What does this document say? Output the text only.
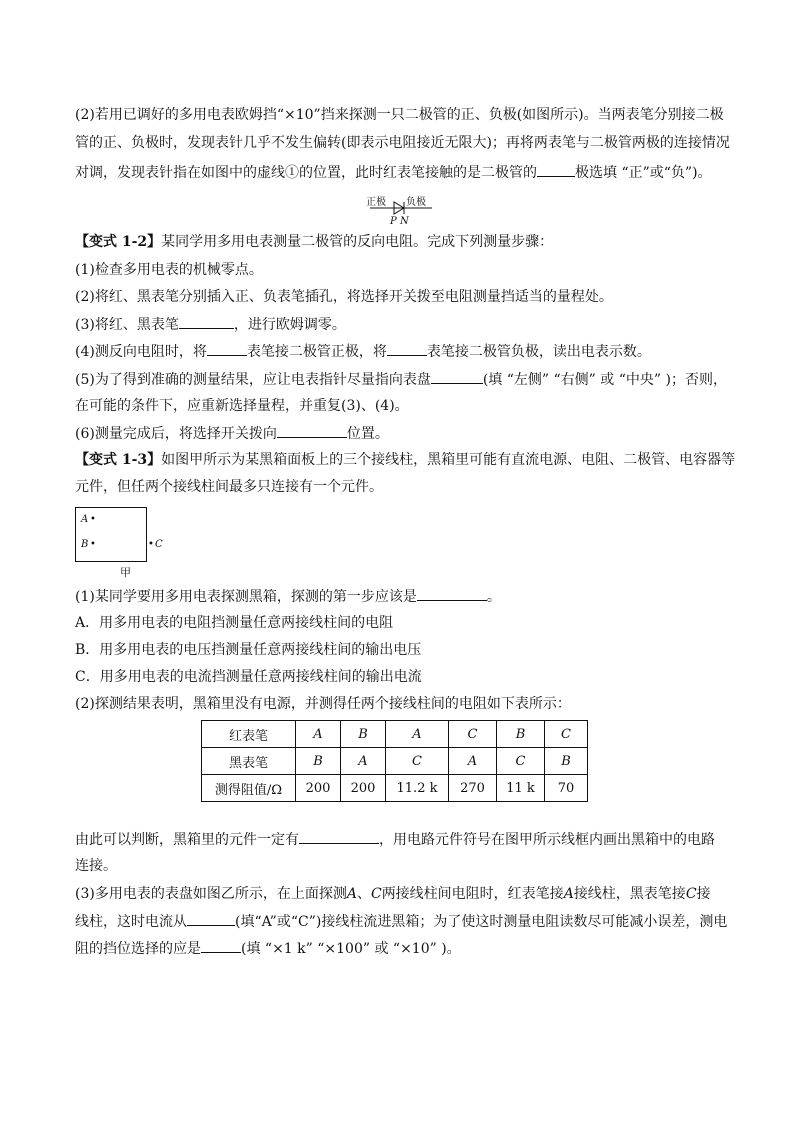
(2)若用已调好的多用电表欧姆挡“×10”挡来探测一只二极管的正、负极(如图所示)。当两表笔分别接二极
管的正、负极时，发现表针几乎不发生偏转(即表示电阻接近无限大)；再将两表笔与二极管两极的连接情况
对调，发现表针指在如图中的虚线①的位置，此时红表笔接触的是二极管的	极选填 “正”或“负”)。
正极 负极
P N
【变式 1-2】某同学用多用电表测量二极管的反向电阻。完成下列测量步骤：
(1)检查多用电表的机械零点。
(2)将红、黑表笔分别插入正、负表笔插孔，将选择开关拨至电阻测量挡适当的量程处。
(3)将红、黑表笔	，进行欧姆调零。
(4)测反向电阻时，将	表笔接二极管正极，将	表笔接二极管负极，读出电表示数。
(5)为了得到准确的测量结果，应让电表指针尽量指向表盘	(填 “左侧” “右侧” 或 “中央” )；否则，
在可能的条件下，应重新选择量程，并重复(3)、(4)。
(6)测量完成后，将选择开关拨向	位置。
【变式 1-3】如图甲所示为某黑箱面板上的三个接线柱，黑箱里可能有直流电源、电阻、二极管、电容器等
元件，但任两个接线柱间最多只连接有一个元件。
A •
B •	• C
甲
(1)某同学要用多用电表探测黑箱，探测的第一步应该是	。
A．用多用电表的电阻挡测量任意两接线柱间的电阻
B．用多用电表的电压挡测量任意两接线柱间的输出电压
C．用多用电表的电流挡测量任意两接线柱间的输出电流
(2)探测结果表明，黑箱里没有电源，并测得任两个接线柱间的电阻如下表所示：
红表笔	A	B	A	C	B	C
黑表笔	B	A	C	A	C	B
测得阻值/Ω	200	200	11.2 k	270	11 k	70
由此可以判断，黑箱里的元件一定有	，用电路元件符号在图甲所示线框内画出黑箱中的电路
连接。
(3)多用电表的表盘如图乙所示，在上面探测A、C两接线柱间电阻时，红表笔接A接线柱，黑表笔接C接
线柱，这时电流从	(填“A”或“C”)接线柱流进黑箱；为了使这时测量电阻读数尽可能减小误差，测电
阻的挡位选择的应是	(填 “×1 k” “×100” 或 “×10” )。
